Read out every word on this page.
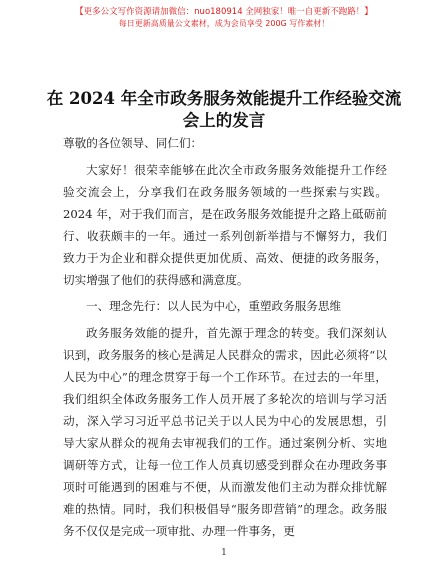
【更多公文写作资源请加微信：nuo180914 全网独家！唯一自更新不跑路！】
每日更新高质量公文素材，成为会员享受 200G 写作素材！
在 2024 年全市政务服务效能提升工作经验交流会上的发言

尊敬的各位领导、同仁们：

大家好！很荣幸能够在此次全市政务服务效能提升工作经验交流会上，分享我们在政务服务领域的一些探索与实践。2024 年，对于我们而言，是在政务服务效能提升之路上砥砺前行、收获颇丰的一年。通过一系列创新举措与不懈努力，我们致力于为企业和群众提供更加优质、高效、便捷的政务服务，切实增强了他们的获得感和满意度。

一、理念先行：以人民为中心，重塑政务服务思维

政务服务效能的提升，首先源于理念的转变。我们深刻认识到，政务服务的核心是满足人民群众的需求，因此必须将“以人民为中心”的理念贯穿于每一个工作环节。在过去的一年里，我们组织全体政务服务工作人员开展了多轮次的培训与学习活动，深入学习习近平总书记关于以人民为中心的发展思想，引导大家从群众的视角去审视我们的工作。通过案例分析、实地调研等方式，让每一位工作人员真切感受到群众在办理政务事项时可能遇到的困难与不便，从而激发他们主动为群众排忧解难的热情。同时，我们积极倡导“服务即营销”的理念。政务服务不仅仅是完成一项审批、办理一件事务，更

1
